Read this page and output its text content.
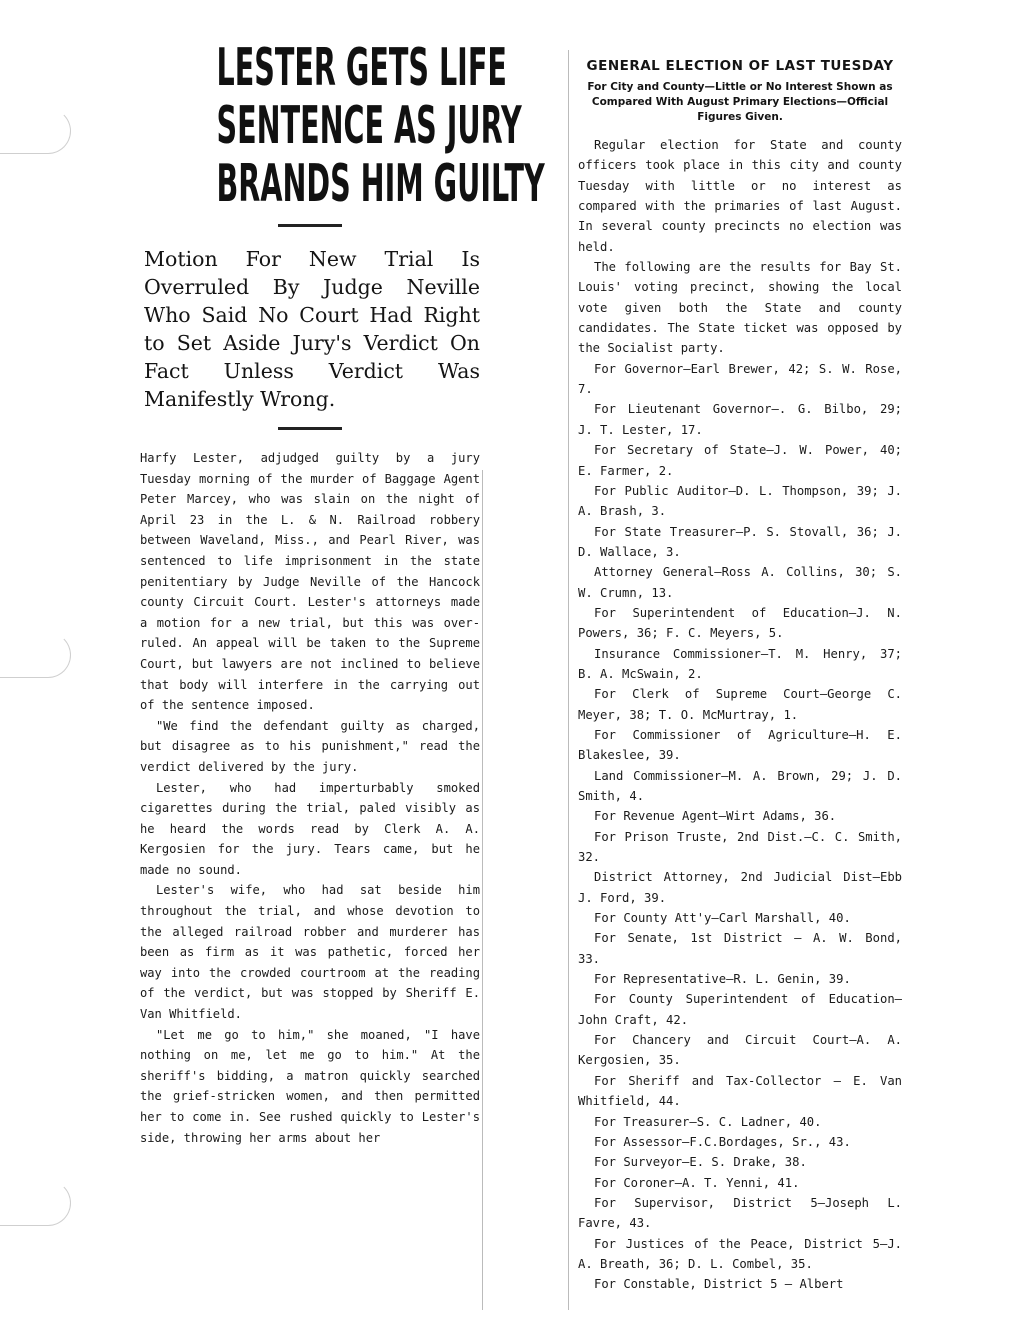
LESTER GETS LIFE
SENTENCE AS JURY
BRANDS HIM GUILTY

Motion For New Trial Is Overruled By Judge Neville Who Said No Court Had Right to Set Aside Jury's Verdict On Fact Unless Verdict Was Manifestly Wrong.

Harfy Lester, adjudged guilty by a jury Tuesday morning of the murder of Baggage Agent Peter Marcey, who was slain on the night of April 23 in the L. & N. Railroad robbery between Waveland, Miss., and Pearl River, was sentenced to life imprisonment in the state penitentiary by Judge Neville of the Hancock county Circuit Court. Lester's attorneys made a motion for a new trial, but this was over-ruled. An appeal will be taken to the Supreme Court, but lawyers are not inclined to believe that body will interfere in the carrying out of the sentence imposed.

"We find the defendant guilty as charged, but disagree as to his punishment," read the verdict delivered by the jury.

Lester, who had imperturbably smoked cigarettes during the trial, paled visibly as he heard the words read by Clerk A. A. Kergosien for the jury. Tears came, but he made no sound.

Lester's wife, who had sat beside him throughout the trial, and whose devotion to the alleged railroad robber and murderer has been as firm as it was pathetic, forced her way into the crowded courtroom at the reading of the verdict, but was stopped by Sheriff E. Van Whitfield.

"Let me go to him," she moaned, "I have nothing on me, let me go to him." At the sheriff's bidding, a matron quickly searched the grief-stricken women, and then permitted her to come in. See rushed quickly to Lester's side, throwing her arms about her

GENERAL ELECTION OF LAST TUESDAY

For City and County—Little or No Interest Shown as Compared With August Primary Elections—Official Figures Given.

Regular election for State and county officers took place in this city and county Tuesday with little or no interest as compared with the primaries of last August. In several county precincts no election was held.

The following are the results for Bay St. Louis' voting precinct, showing the local vote given both the State and county candidates. The State ticket was opposed by the Socialist party.

For Governor—Earl Brewer, 42; S. W. Rose, 7.

For Lieutenant Governor—. G. Bilbo, 29; J. T. Lester, 17.

For Secretary of State—J. W. Power, 40; E. Farmer, 2.

For Public Auditor—D. L. Thompson, 39; J. A. Brash, 3.

For State Treasurer—P. S. Stovall, 36; J. D. Wallace, 3.

Attorney General—Ross A. Collins, 30; S. W. Crumn, 13.

For Superintendent of Education—J. N. Powers, 36; F. C. Meyers, 5.

Insurance Commissioner—T. M. Henry, 37; B. A. McSwain, 2.

For Clerk of Supreme Court—George C. Meyer, 38; T. O. McMurtray, 1.

For Commissioner of Agriculture—H. E. Blakeslee, 39.

Land Commissioner—M. A. Brown, 29; J. D. Smith, 4.

For Revenue Agent—Wirt Adams, 36.

For Prison Truste, 2nd Dist.—C. C. Smith, 32.

District Attorney, 2nd Judicial Dist—Ebb J. Ford, 39.

For County Att'y—Carl Marshall, 40.

For Senate, 1st District — A. W. Bond, 33.

For Representative—R. L. Genin, 39.

For County Superintendent of Education—John Craft, 42.

For Chancery and Circuit Court—A. A. Kergosien, 35.

For Sheriff and Tax-Collector — E. Van Whitfield, 44.

For Treasurer—S. C. Ladner, 40.

For Assessor—F.C.Bordages, Sr., 43.

For Surveyor—E. S. Drake, 38.

For Coroner—A. T. Yenni, 41.

For Supervisor, District 5—Joseph L. Favre, 43.

For Justices of the Peace, District 5—J. A. Breath, 36; D. L. Combel, 35.

For Constable, District 5 — Albert
